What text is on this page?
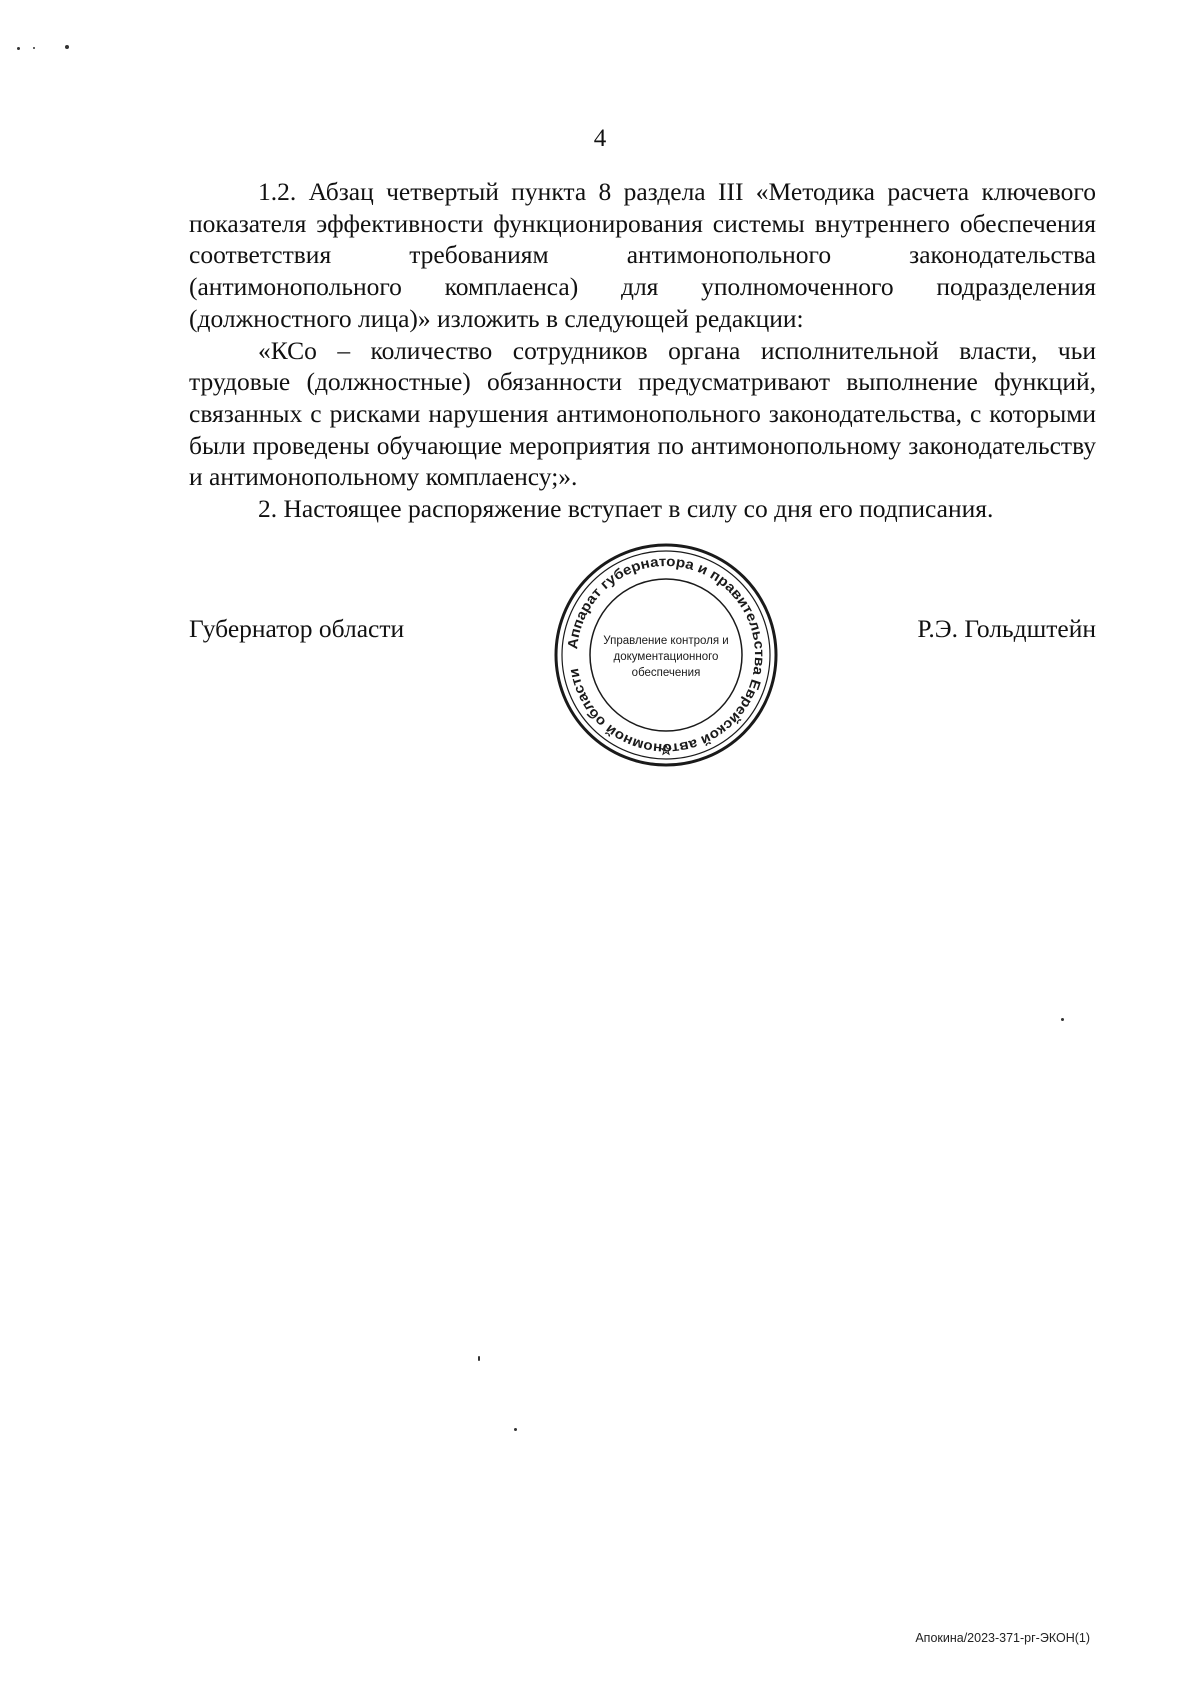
4

1.2. Абзац четвертый пункта 8 раздела III «Методика расчета ключевого показателя эффективности функционирования системы внутреннего обеспечения соответствия требованиям антимонопольного законодательства (антимонопольного комплаенса) для уполномоченного подразделения (должностного лица)» изложить в следующей редакции:

«КСо – количество сотрудников органа исполнительной власти, чьи трудовые (должностные) обязанности предусматривают выполнение функций, связанных с рисками нарушения антимонопольного законодательства, с которыми были проведены обучающие мероприятия по антимонопольному законодательству и антимонопольному комплаенсу;».

2. Настоящее распоряжение вступает в силу со дня его подписания.

Губернатор области	Р.Э. Гольдштейн
Аппарат губернатора и правительства Еврейской автономной области
Управление контроля и
документационного
обеспечения
Апокина/2023-371-рг-ЭКОН(1)
